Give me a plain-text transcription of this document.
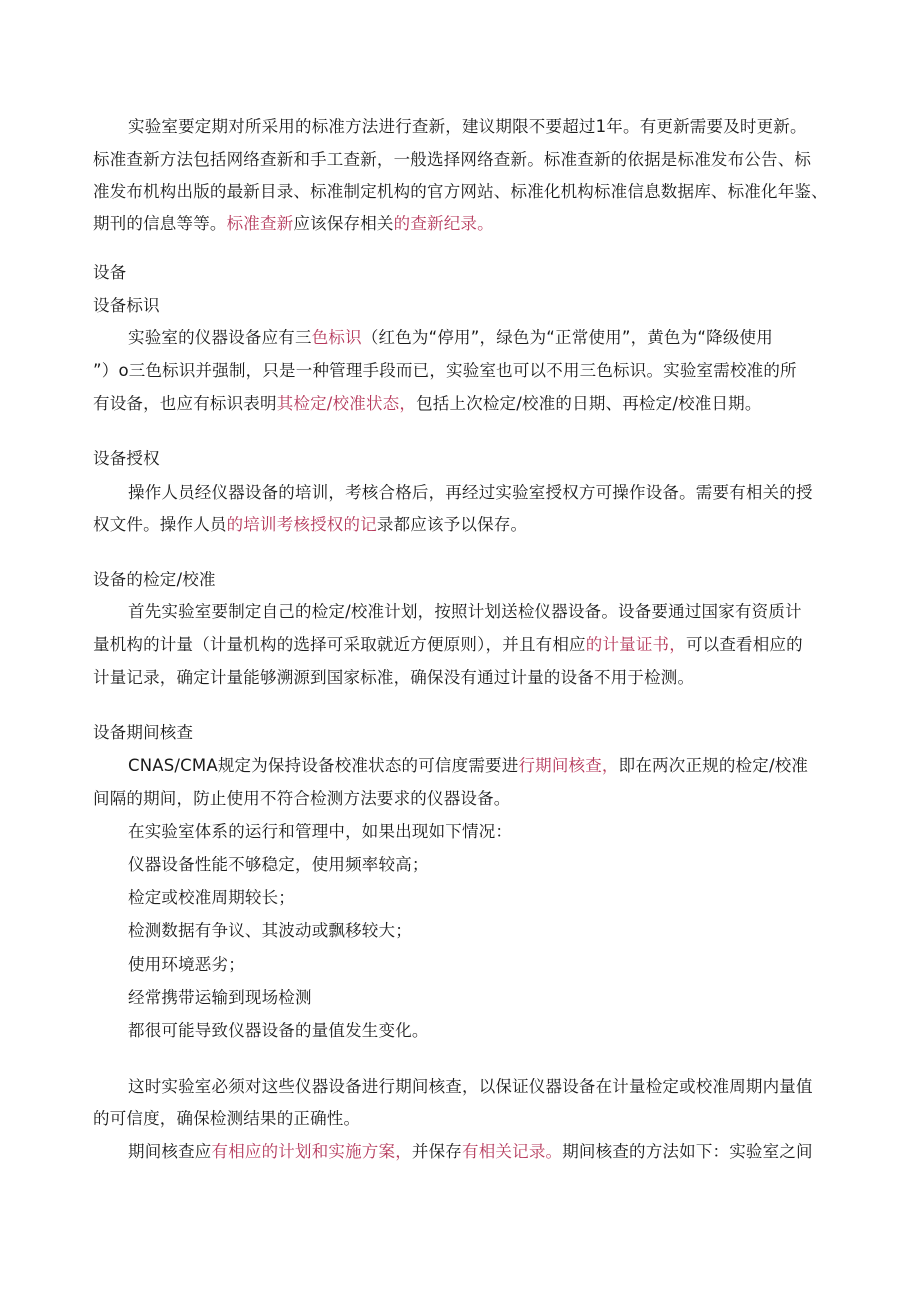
实验室要定期对所采用的标准方法进行查新，建议期限不要超过1年。有更新需要及时更新。
标准查新方法包括网络查新和手工查新，一般选择网络查新。标准查新的依据是标准发布公告、标
准发布机构出版的最新目录、标准制定机构的官方网站、标准化机构标准信息数据库、标准化年鉴、
期刊的信息等等。标准查新应该保存相关的查新纪录。
设备
设备标识
实验室的仪器设备应有三色标识（红色为“停用”，绿色为“正常使用”，黄色为“降级使用
”）o三色标识并强制，只是一种管理手段而已，实验室也可以不用三色标识。实验室需校准的所
有设备，也应有标识表明其检定/校准状态，包括上次检定/校准的日期、再检定/校准日期。
设备授权
操作人员经仪器设备的培训，考核合格后，再经过实验室授权方可操作设备。需要有相关的授
权文件。操作人员的培训考核授权的记录都应该予以保存。
设备的检定/校准
首先实验室要制定自己的检定/校准计划，按照计划送检仪器设备。设备要通过国家有资质计
量机构的计量（计量机构的选择可采取就近方便原则），并且有相应的计量证书，可以查看相应的
计量记录，确定计量能够溯源到国家标准，确保没有通过计量的设备不用于检测。
设备期间核查
CNAS/CMA规定为保持设备校准状态的可信度需要进行期间核查，即在两次正规的检定/校准
间隔的期间，防止使用不符合检测方法要求的仪器设备。
在实验室体系的运行和管理中，如果出现如下情况：
仪器设备性能不够稳定，使用频率较高；
检定或校准周期较长；
检测数据有争议、其波动或飘移较大；
使用环境恶劣；
经常携带运输到现场检测
都很可能导致仪器设备的量值发生变化。
这时实验室必须对这些仪器设备进行期间核查，以保证仪器设备在计量检定或校准周期内量值
的可信度，确保检测结果的正确性。
期间核查应有相应的计划和实施方案，并保存有相关记录。期间核查的方法如下：实验室之间
